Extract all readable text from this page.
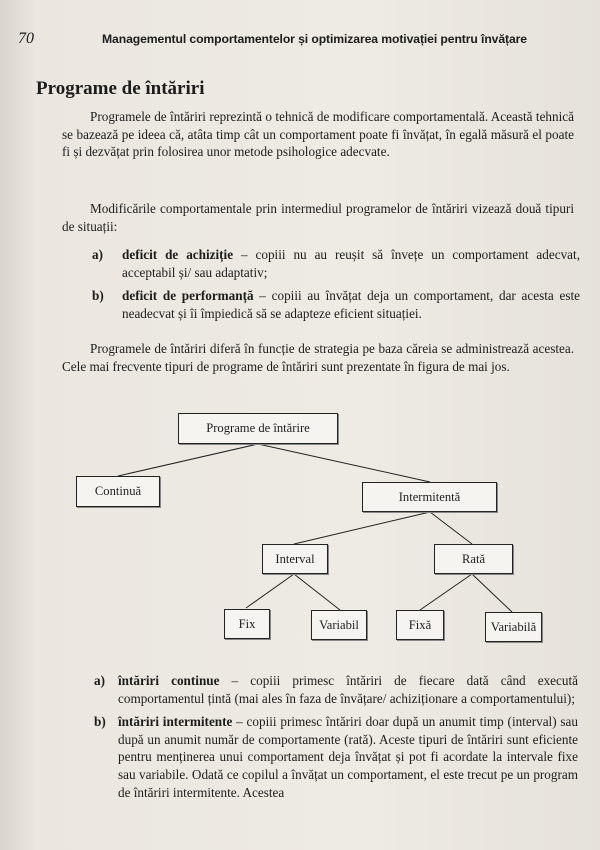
70	Managementul comportamentelor și optimizarea motivației pentru învățare
Programe de întăriri
Programele de întăriri reprezintă o tehnică de modificare comportamentală. Această tehnică se bazează pe ideea că, atâta timp cât un comportament poate fi învățat, în egală măsură el poate fi și dezvățat prin folosirea unor metode psihologice adecvate.
Modificările comportamentale prin intermediul programelor de întăriri vizează două tipuri de situații:
a) deficit de achiziție – copiii nu au reușit să învețe un comportament adecvat, acceptabil și/ sau adaptativ;
b) deficit de performanță – copiii au învățat deja un comportament, dar acesta este neadecvat și îi împiedică să se adapteze eficient situației.
Programele de întăriri diferă în funcție de strategia pe baza căreia se administrează acestea. Cele mai frecvente tipuri de programe de întăriri sunt prezentate în figura de mai jos.
Programe de întărire
Continuă	Intermitentă
Interval	Rată
Fix	Variabil	Fixă	Variabilă
a) întăriri continue – copiii primesc întăriri de fiecare dată când execută comportamentul țintă (mai ales în faza de învățare/ achiziționare a comportamentului);
b) întăriri intermitente – copiii primesc întăriri doar după un anumit timp (interval) sau după un anumit număr de comportamente (rată). Aceste tipuri de întăriri sunt eficiente pentru menținerea unui comportament deja învățat și pot fi acordate la intervale fixe sau variabile. Odată ce copilul a învățat un comportament, el este trecut pe un program de întăriri intermitente. Acestea
